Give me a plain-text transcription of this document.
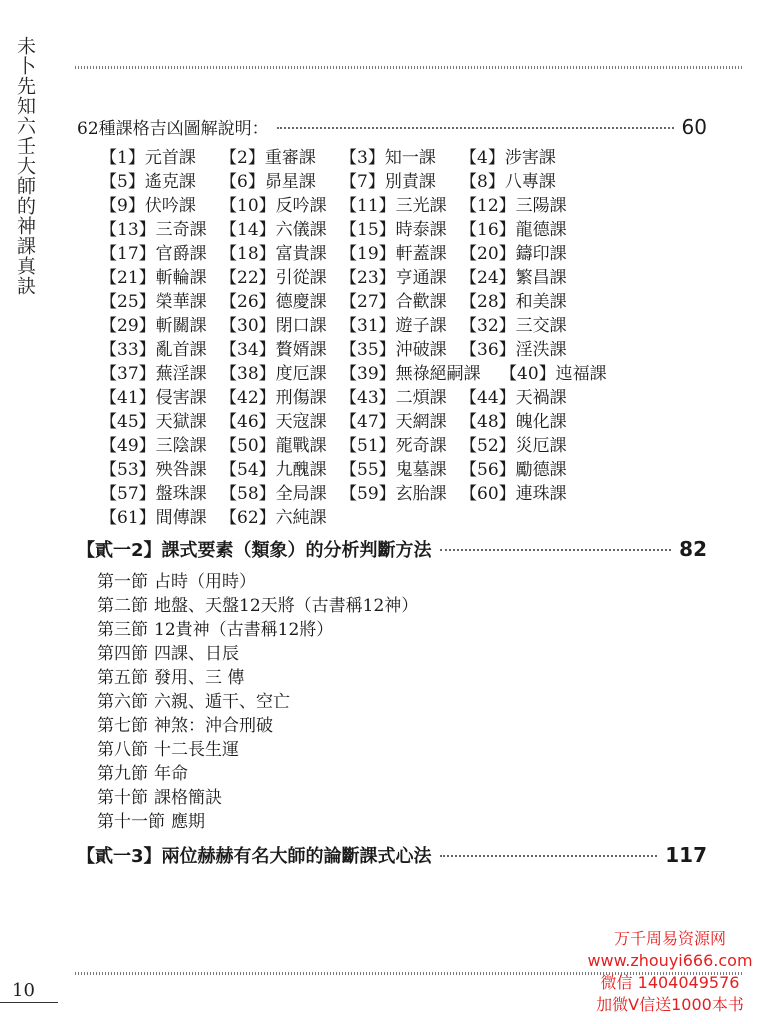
未卜先知六壬大師的神課真訣 62種課格吉凶圖解說明：	60
【1】元首課 【2】重審課 【3】知一課 【4】涉害課
【5】遙克課 【6】昴星課 【7】別責課 【8】八專課
【9】伏吟課 【10】反吟課 【11】三光課 【12】三陽課
【13】三奇課 【14】六儀課 【15】時泰課 【16】龍德課
【17】官爵課 【18】富貴課 【19】軒蓋課 【20】鑄印課
【21】斬輪課 【22】引從課 【23】亨通課 【24】繁昌課
【25】榮華課 【26】德慶課 【27】合歡課 【28】和美課
【29】斬關課 【30】閉口課 【31】遊子課 【32】三交課
【33】亂首課 【34】贅婿課 【35】沖破課 【36】淫泆課
【37】蕪淫課 【38】度厄課 【39】無祿絕嗣課 【40】迍福課
【41】侵害課 【42】刑傷課 【43】二煩課 【44】天禍課
【45】天獄課 【46】天寇課 【47】天網課 【48】魄化課
【49】三陰課 【50】龍戰課 【51】死奇課 【52】災厄課
【53】殃咎課 【54】九醜課 【55】鬼墓課 【56】勵德課
【57】盤珠課 【58】全局課 【59】玄胎課 【60】連珠課
【61】間傳課 【62】六純課
【貳一2】課式要素（類象）的分析判斷方法	82
第一節 占時（用時）
第二節 地盤、天盤12天將（古書稱12神）
第三節 12貴神（古書稱12將）
第四節 四課、日辰
第五節 發用、三 傳
第六節 六親、遁干、空亡
第七節 神煞：沖合刑破
第八節 十二長生運
第九節 年命
第十節 課格簡訣
第十一節 應期
【貳一3】兩位赫赫有名大師的論斷課式心法	117
10
万千周易资源网
www.zhouyi666.com
微信 1404049576
加微V信送1000本书
